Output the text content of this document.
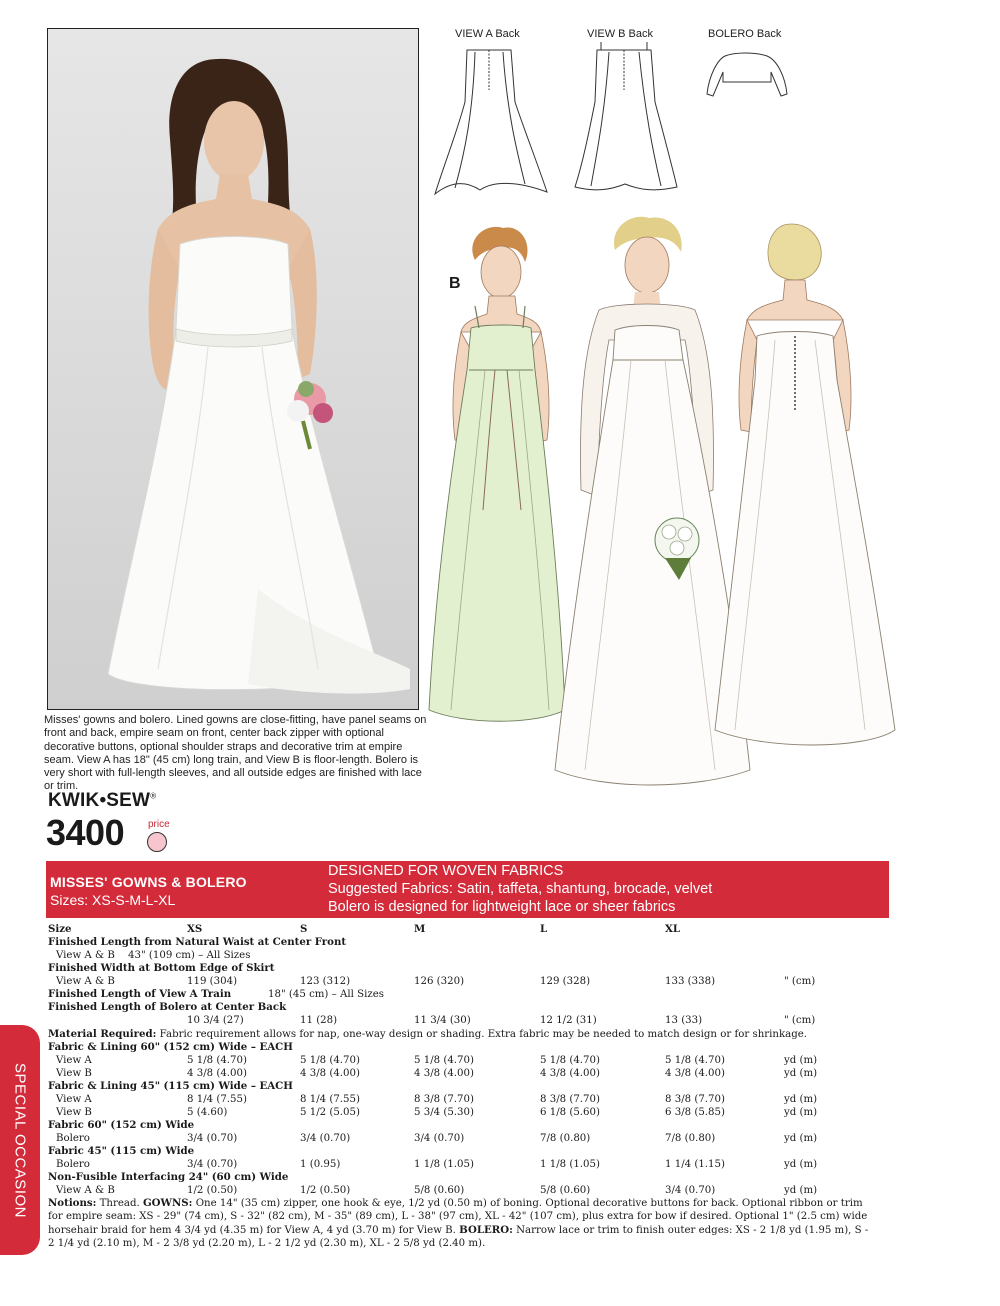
VIEW A Back	VIEW B Back	BOLERO Back
B
Misses' gowns and bolero. Lined gowns are close-fitting, have panel seams on front and back, empire seam on front, center back zipper with optional decorative buttons, optional shoulder straps and decorative trim at empire seam. View A has 18" (45 cm) long train, and View B is floor-length. Bolero is very short with full-length sleeves, and all outside edges are finished with lace or trim.
KWIK•SEW®
3400 price
MISSES' GOWNS & BOLERO
Sizes: XS-S-M-L-XL
DESIGNED FOR WOVEN FABRICS
Suggested Fabrics: Satin, taffeta, shantung, brocade, velvet
Bolero is designed for lightweight lace or sheer fabrics
SPECIAL OCCASION
Size	XS	S	M	L	XL
Finished Length from Natural Waist at Center Front
View A & B 43" (109 cm) – All Sizes
Finished Width at Bottom Edge of Skirt
View A & B	119 (304)	123 (312)	126 (320)	129 (328)	133 (338)	" (cm)
Finished Length of View A Train	18" (45 cm) – All Sizes
Finished Length of Bolero at Center Back
10 3/4 (27)	11 (28)	11 3/4 (30)	12 1/2 (31)	13 (33)	" (cm)
Material Required: Fabric requirement allows for nap, one-way design or shading. Extra fabric may be needed to match design or for shrinkage.
Fabric & Lining 60" (152 cm) Wide – EACH
View A	5 1/8 (4.70)	5 1/8 (4.70)	5 1/8 (4.70)	5 1/8 (4.70)	5 1/8 (4.70)	yd (m)
View B	4 3/8 (4.00)	4 3/8 (4.00)	4 3/8 (4.00)	4 3/8 (4.00)	4 3/8 (4.00)	yd (m)
Fabric & Lining 45" (115 cm) Wide – EACH
View A	8 1/4 (7.55)	8 1/4 (7.55)	8 3/8 (7.70)	8 3/8 (7.70)	8 3/8 (7.70)	yd (m)
View B	5 (4.60)	5 1/2 (5.05)	5 3/4 (5.30)	6 1/8 (5.60)	6 3/8 (5.85)	yd (m)
Fabric 60" (152 cm) Wide
Bolero	3/4 (0.70)	3/4 (0.70)	3/4 (0.70)	7/8 (0.80)	7/8 (0.80)	yd (m)
Fabric 45" (115 cm) Wide
Bolero	3/4 (0.70)	1 (0.95)	1 1/8 (1.05)	1 1/8 (1.05)	1 1/4 (1.15)	yd (m)
Non-Fusible Interfacing 24" (60 cm) Wide
View A & B	1/2 (0.50)	1/2 (0.50)	5/8 (0.60)	5/8 (0.60)	3/4 (0.70)	yd (m)
Notions: Thread. GOWNS: One 14" (35 cm) zipper, one hook & eye, 1/2 yd (0.50 m) of boning. Optional decorative buttons for back. Optional ribbon or trim for empire seam: XS - 29" (74 cm), S - 32" (82 cm), M - 35" (89 cm), L - 38" (97 cm), XL - 42" (107 cm), plus extra for bow if desired. Optional 1" (2.5 cm) wide horsehair braid for hem 4 3/4 yd (4.35 m) for View A, 4 yd (3.70 m) for View B. BOLERO: Narrow lace or trim to finish outer edges: XS - 2 1/8 yd (1.95 m), S - 2 1/4 yd (2.10 m), M - 2 3/8 yd (2.20 m), L - 2 1/2 yd (2.30 m), XL - 2 5/8 yd (2.40 m).
